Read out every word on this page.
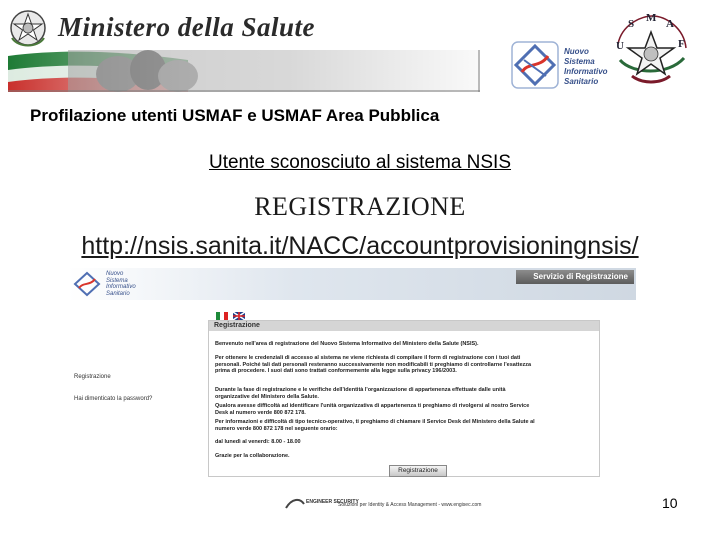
Ministero della Salute
Nuovo
Sistema
Informativo
Sanitario
U
S M A
F
Profilazione utenti USMAF e USMAF Area Pubblica
Utente sconosciuto al sistema NSIS
REGISTRAZIONE
http://nsis.sanita.it/NACC/accountprovisioningnsis/
Nuovo
Sistema
Informativo
Sanitario
Servizio di Registrazione
Registrazione
Hai dimenticato la password?
Registrazione
Benvenuto nell'area di registrazione del Nuovo Sistema Informativo del Ministero della Salute (NSIS).
Per ottenere le credenziali di accesso al sistema ne viene richiesta di compilare il form di registrazione con i tuoi dati personali. Poiché tali dati personali resteranno successivamente non modificabili ti preghiamo di controllarne l'esattezza prima di procedere. I suoi dati sono trattati conformemente alla legge sulla privacy 196/2003.
Durante la fase di registrazione e le verifiche dell'identità l'organizzazione di appartenenza effettuate dalle unità organizzative del Ministero della Salute.
Qualora avesse difficoltà ad identificare l'unità organizzativa di appartenenza ti preghiamo di rivolgersi al nostro Service Desk al numero verde 800 872 178.
Per informazioni e difficoltà di tipo tecnico-operativo, ti preghiamo di chiamare il Service Desk del Ministero della Salute al numero verde 800 872 178 nel seguente orario:
dal lunedì al venerdì: 8.00 - 18.00
Grazie per la collaborazione.
Registrazione
ENGINEER SECURITY
Soluzioni per Identity & Access Management - www.engisec.com	10
